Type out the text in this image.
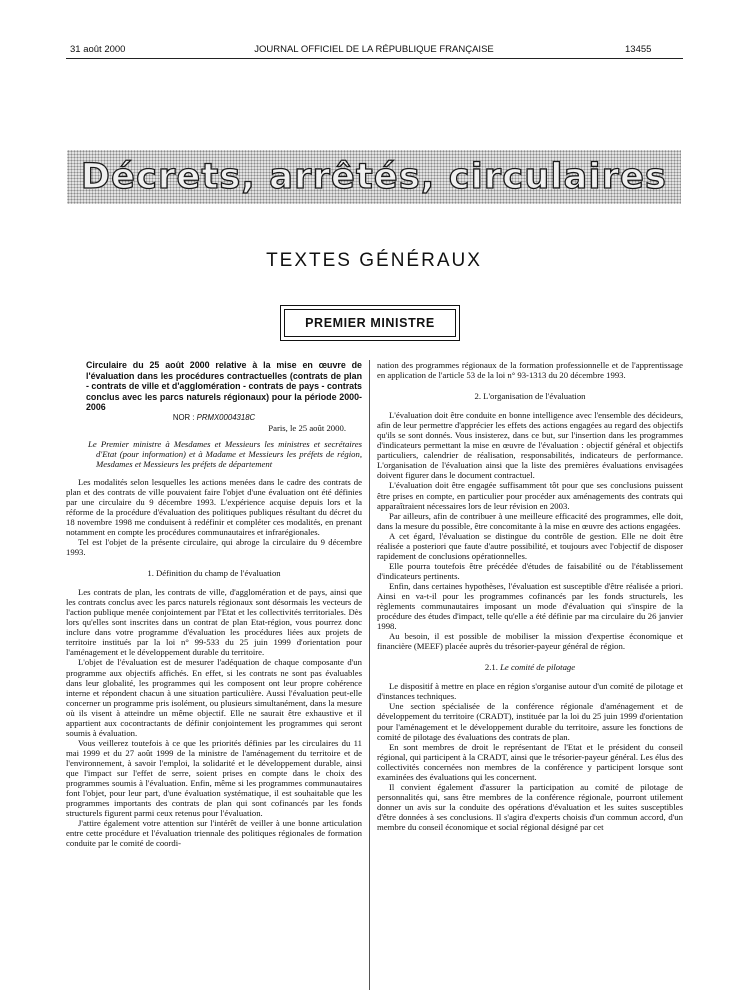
31 août 2000	JOURNAL OFFICIEL DE LA RÉPUBLIQUE FRANÇAISE	13455
Décrets, arrêtés, circulaires
TEXTES GÉNÉRAUX
PREMIER MINISTRE

Circulaire du 25 août 2000 relative à la mise en œuvre de l'évaluation dans les procédures contractuelles (contrats de plan - contrats de ville et d'agglomération - contrats de pays - contrats conclus avec les parcs naturels régionaux) pour la période 2000-2006

NOR : PRMX0004318C

Paris, le 25 août 2000.

Le Premier ministre à Mesdames et Messieurs les ministres et secrétaires d'Etat (pour information) et à Madame et Messieurs les préfets de région, Mesdames et Messieurs les préfets de département

Les modalités selon lesquelles les actions menées dans le cadre des contrats de plan et des contrats de ville pouvaient faire l'objet d'une évaluation ont été définies par une circulaire du 9 décembre 1993. L'expérience acquise depuis lors et la réforme de la procédure d'évaluation des politiques publiques résultant du décret du 18 novembre 1998 me conduisent à redéfinir et compléter ces modalités, en prenant notamment en compte les procédures communautaires et infrarégionales.

Tel est l'objet de la présente circulaire, qui abroge la circulaire du 9 décembre 1993.

1. Définition du champ de l'évaluation

Les contrats de plan, les contrats de ville, d'agglomération et de pays, ainsi que les contrats conclus avec les parcs naturels régionaux sont désormais les vecteurs de l'action publique menée conjointement par l'Etat et les collectivités territoriales. Dès lors qu'elles sont inscrites dans un contrat de plan Etat-région, vous pourrez donc inclure dans votre programme d'évaluation les procédures liées aux projets de territoire institués par la loi n° 99-533 du 25 juin 1999 d'orientation pour l'aménagement et le développement durable du territoire.

L'objet de l'évaluation est de mesurer l'adéquation de chaque composante d'un programme aux objectifs affichés. En effet, si les contrats ne sont pas évaluables dans leur globalité, les programmes qui les composent ont leur propre cohérence interne et répondent chacun à une situation particulière. Aussi l'évaluation peut-elle concerner un programme pris isolément, ou plusieurs simultanément, dans la mesure où ils visent à atteindre un même objectif. Elle ne saurait être exhaustive et il appartient aux cocontractants de définir conjointement les programmes qui seront soumis à évaluation.

Vous veillerez toutefois à ce que les priorités définies par les circulaires du 11 mai 1999 et du 27 août 1999 de la ministre de l'aménagement du territoire et de l'environnement, à savoir l'emploi, la solidarité et le développement durable, ainsi que l'impact sur l'effet de serre, soient prises en compte dans le choix des programmes soumis à l'évaluation. Enfin, même si les programmes communautaires font l'objet, pour leur part, d'une évaluation systématique, il est souhaitable que les programmes importants des contrats de plan qui sont cofinancés par les fonds structurels figurent parmi ceux retenus pour l'évaluation.

J'attire également votre attention sur l'intérêt de veiller à une bonne articulation entre cette procédure et l'évaluation triennale des politiques régionales de formation conduite par le comité de coordi-

nation des programmes régionaux de la formation professionnelle et de l'apprentissage en application de l'article 53 de la loi n° 93-1313 du 20 décembre 1993.

2. L'organisation de l'évaluation

L'évaluation doit être conduite en bonne intelligence avec l'ensemble des décideurs, afin de leur permettre d'apprécier les effets des actions engagées au regard des objectifs qu'ils se sont donnés. Vous insisterez, dans ce but, sur l'insertion dans les programmes d'indicateurs permettant la mise en œuvre de l'évaluation : objectif général et objectifs particuliers, calendrier de réalisation, responsabilités, indicateurs de performance. L'organisation de l'évaluation ainsi que la liste des premières évaluations envisagées doivent figurer dans le document contractuel.

L'évaluation doit être engagée suffisamment tôt pour que ses conclusions puissent être prises en compte, en particulier pour procéder aux aménagements des contrats qui apparaîtraient nécessaires lors de leur révision en 2003.

Par ailleurs, afin de contribuer à une meilleure efficacité des programmes, elle doit, dans la mesure du possible, être concomitante à la mise en œuvre des actions engagées.

A cet égard, l'évaluation se distingue du contrôle de gestion. Elle ne doit être réalisée a posteriori que faute d'autre possibilité, et toujours avec l'objectif de disposer rapidement de conclusions opérationnelles.

Elle pourra toutefois être précédée d'études de faisabilité ou de l'établissement d'indicateurs pertinents.

Enfin, dans certaines hypothèses, l'évaluation est susceptible d'être réalisée a priori. Ainsi en va-t-il pour les programmes cofinancés par les fonds structurels, les règlements communautaires imposant un mode d'évaluation qui s'inspire de la procédure des études d'impact, telle qu'elle a été définie par ma circulaire du 26 janvier 1998.

Au besoin, il est possible de mobiliser la mission d'expertise économique et financière (MEEF) placée auprès du trésorier-payeur général de région.

2.1. Le comité de pilotage

Le dispositif à mettre en place en région s'organise autour d'un comité de pilotage et d'instances techniques.

Une section spécialisée de la conférence régionale d'aménagement et de développement du territoire (CRADT), instituée par la loi du 25 juin 1999 d'orientation pour l'aménagement et le développement durable du territoire, assure les fonctions de comité de pilotage des évaluations des contrats de plan.

En sont membres de droit le représentant de l'Etat et le président du conseil régional, qui participent à la CRADT, ainsi que le trésorier-payeur général. Les élus des collectivités concernées non membres de la conférence y participent lorsque sont examinées des évaluations qui les concernent.

Il convient également d'assurer la participation au comité de pilotage de personnalités qui, sans être membres de la conférence régionale, pourront utilement donner un avis sur la conduite des opérations d'évaluation et les suites susceptibles d'être données à ses conclusions. Il s'agira d'experts choisis d'un commun accord, d'un membre du conseil économique et social régional désigné par cet
